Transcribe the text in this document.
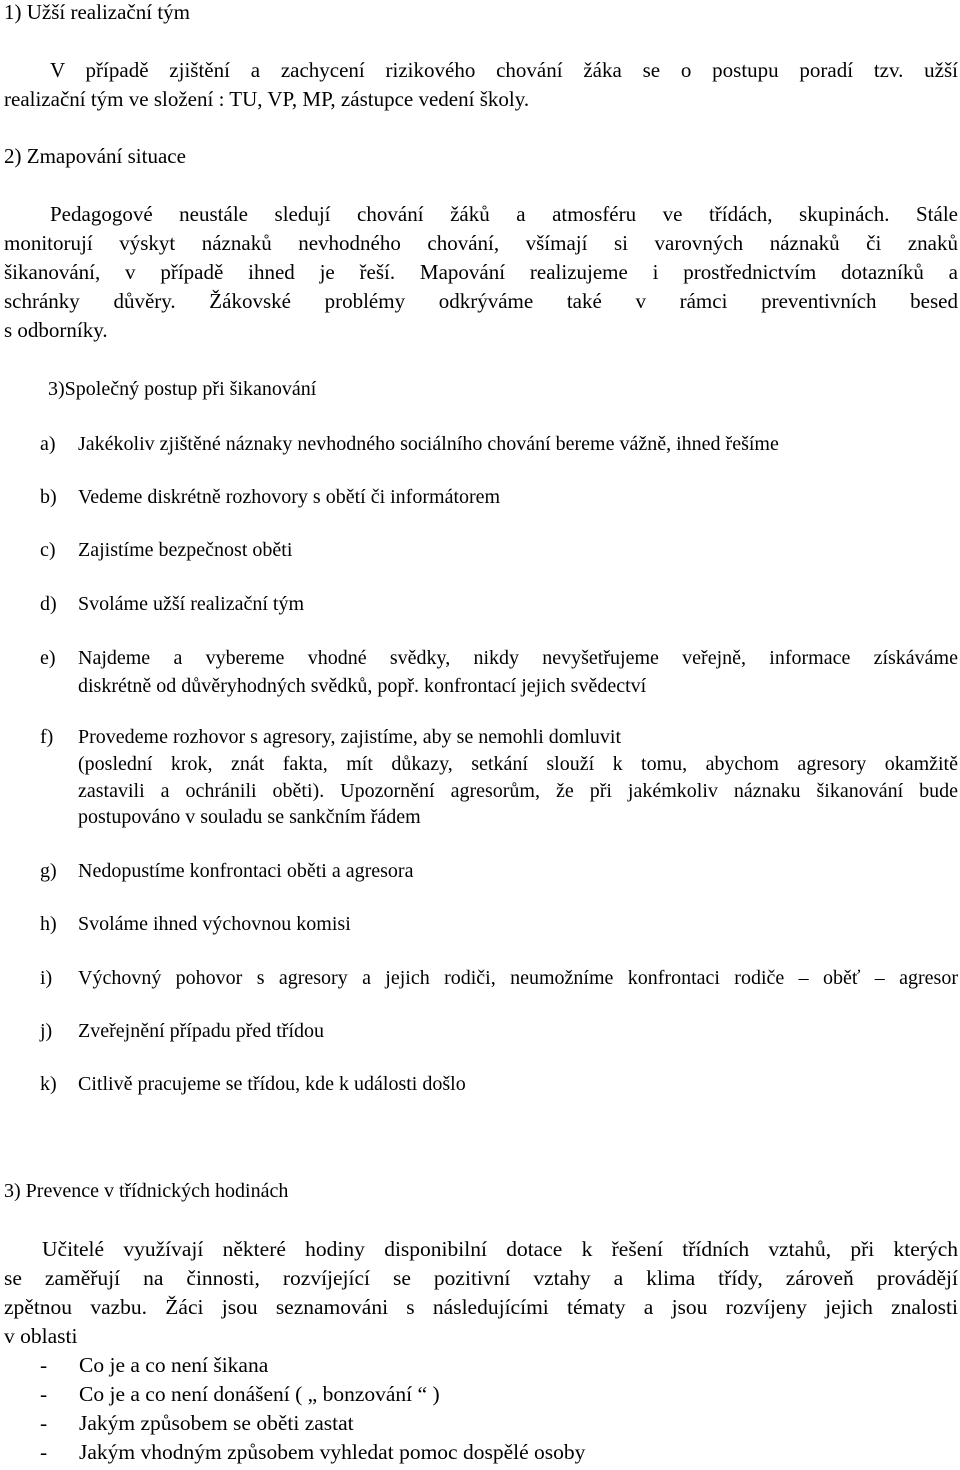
1) Užší realizační tým
V případě zjištění a zachycení rizikového chování žáka se o postupu poradí tzv. užší
realizační tým ve složení : TU, VP, MP, zástupce vedení školy.
2) Zmapování situace
Pedagogové neustále sledují chování žáků a atmosféru ve třídách, skupinách. Stále
monitorují výskyt náznaků nevhodného chování, všímají si varovných náznaků či znaků
šikanování, v případě ihned je řeší. Mapování realizujeme i prostřednictvím dotazníků a
schránky důvěry. Žákovské problémy odkrýváme také v rámci preventivních besed
s odborníky.
3)Společný postup při šikanování
a) Jakékoliv zjištěné náznaky nevhodného sociálního chování bereme vážně, ihned řešíme
b) Vedeme diskrétně rozhovory s obětí či informátorem
c) Zajistíme bezpečnost oběti
d) Svoláme užší realizační tým
e) Najdeme a vybereme vhodné svědky, nikdy nevyšetřujeme veřejně, informace získáváme
diskrétně od důvěryhodných svědků, popř. konfrontací jejich svědectví
f) Provedeme rozhovor s agresory, zajistíme, aby se nemohli domluvit
(poslední krok, znát fakta, mít důkazy, setkání slouží k tomu, abychom agresory okamžitě
zastavili a ochránili oběti). Upozornění agresorům, že při jakémkoliv náznaku šikanování bude
postupováno v souladu se sankčním řádem
g) Nedopustíme konfrontaci oběti a agresora
h) Svoláme ihned výchovnou komisi
i) Výchovný pohovor s agresory a jejich rodiči, neumožníme konfrontaci rodiče – oběť – agresor
j) Zveřejnění případu před třídou
k) Citlivě pracujeme se třídou, kde k události došlo
3) Prevence v třídnických hodinách
Učitelé využívají některé hodiny disponibilní dotace k řešení třídních vztahů, při kterých
se zaměřují na činnosti, rozvíjející se pozitivní vztahy a klima třídy, zároveň provádějí
zpětnou vazbu. Žáci jsou seznamováni s následujícími tématy a jsou rozvíjeny jejich znalosti
v oblasti
- Co je a co není šikana
- Co je a co není donášení ( „ bonzování “ )
- Jakým způsobem se oběti zastat
- Jakým vhodným způsobem vyhledat pomoc dospělé osoby
